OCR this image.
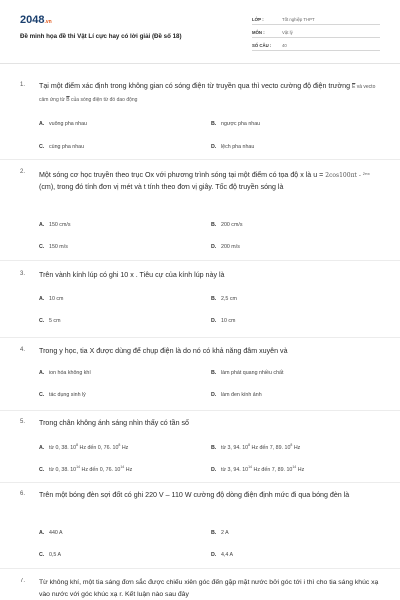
2048.vn
Đề minh họa đề thi Vật Lí cực hay có lời giải (Đề số 18)
LỚP :	Tốt nghiệp THPT
MÔN :	Vật lý
SỐ CÂU :	40
1. Tại một điểm xác định trong không gian có sóng điện từ truyền qua thì vecto cường độ điện trường $\overline{E}$ và vecto cảm ứng từ $\overline{B}$ của sóng điện từ đó dao động
A. vuông pha nhau	B. ngược pha nhau
C. cùng pha nhau	D. lệch pha nhau
2. Một sóng cơ học truyền theo trục Ox với phương trình sóng tại một điểm có tọa độ x là u = 2cos100πt - 2πx(cm), trong đó tính đơn vị mét và t tính theo đơn vị giây. Tốc độ truyền sóng là
A. 150 cm/s	B. 200 cm/s
C. 150 m/s	D. 200 m/s
3. Trên vành kính lúp có ghi 10 x . Tiêu cự của kính lúp này là
A. 10 cm	B. 2,5 cm
C. 5 cm	D. 10 cm
4. Trong y học, tia X được dùng để chụp điện là do nó có khả năng đâm xuyên và
A. ion hóa không khí	B. làm phát quang nhiều chất
C. tác dụng sinh lý	D. làm đen kính ảnh
5. Trong chân không ánh sáng nhìn thấy có tần số
A. từ 0, 38. $10^8$ Hz đến 0, 76. $10^8$ Hz	B. từ 3, 94. $10^8$ Hz đến 7, 89. $10^8$ Hz
C. từ 0, 38. $10^{14}$ Hz đến 0, 76. $10^{14}$ Hz	D. từ 3, 94. $10^{14}$ Hz đến 7, 89. $10^{14}$ Hz
6. Trên một bóng đèn sợi đốt có ghi 220 V – 110 W cường độ dòng điện định mức đi qua bóng đèn là
A. 440 A	B. 2 A
C. 0,5 A	D. 4,4 A
7. Từ không khí, một tia sáng đơn sắc được chiếu xiên góc đến gặp mặt nước bởi góc tới i thì cho tia sáng khúc xạ vào nước với góc khúc xạ r. Kết luận nào sau đây
